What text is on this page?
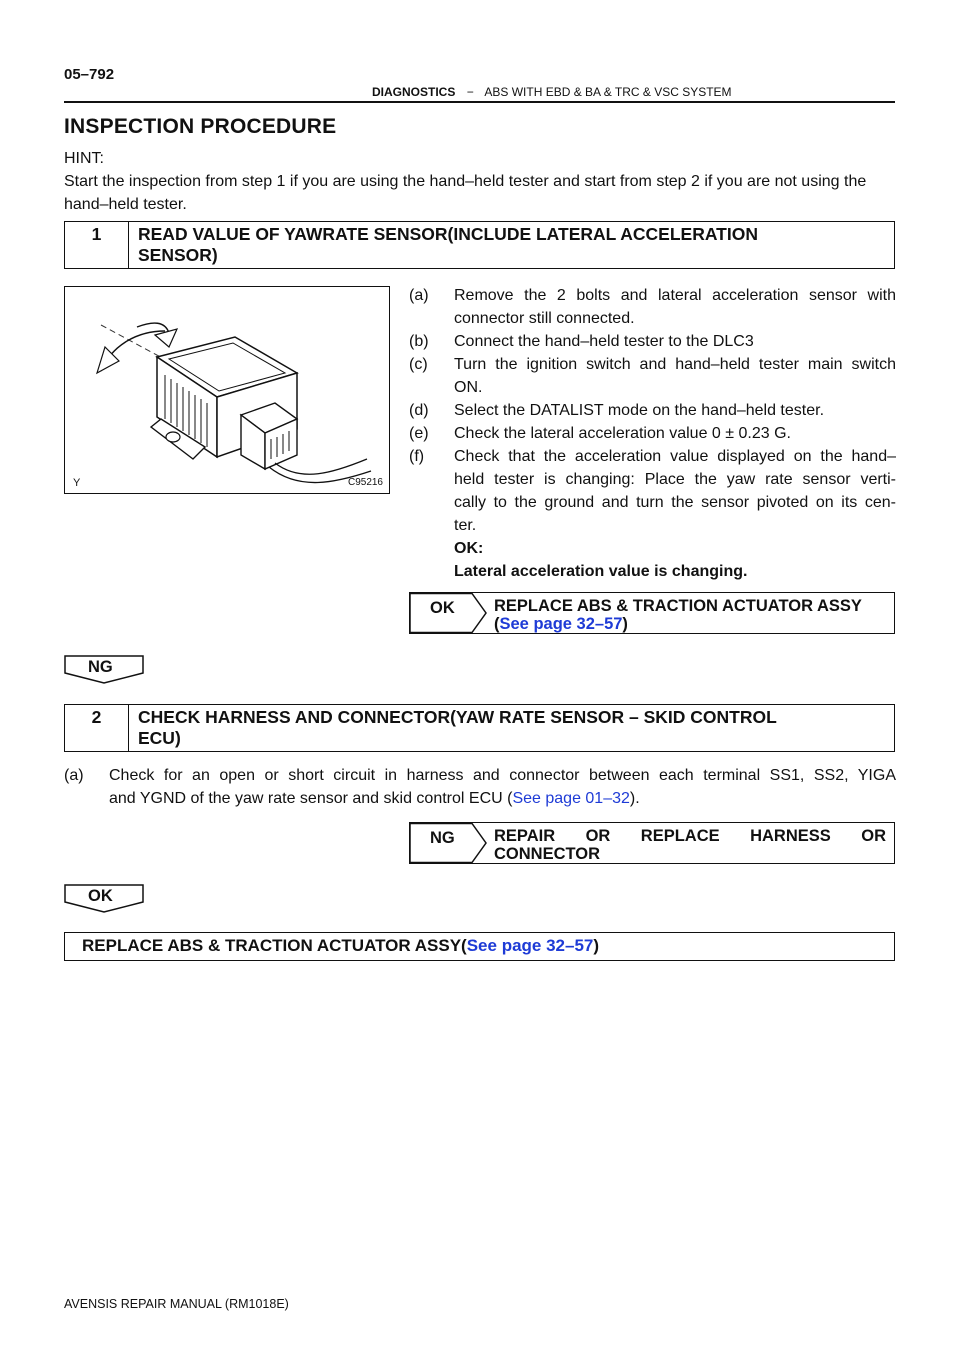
05–792
DIAGNOSTICS − ABS WITH EBD & BA & TRC & VSC SYSTEM
INSPECTION PROCEDURE
HINT:
Start the inspection from step 1 if you are using the hand–held tester and start from step 2 if you are not using the hand–held tester.
1	READ VALUE OF YAWRATE SENSOR(INCLUDE LATERAL ACCELERATION
SENSOR)
Y	C95216
(a) Remove the 2 bolts and lateral acceleration sensor with
connector still connected.
(b) Connect the hand–held tester to the DLC3
(c) Turn the ignition switch and hand–held tester main switch
ON.
(d) Select the DATALIST mode on the hand–held tester.
(e) Check the lateral acceleration value 0 ± 0.23 G.
(f) Check that the acceleration value displayed on the hand–
held tester is changing: Place the yaw rate sensor verti-
cally to the ground and turn the sensor pivoted on its cen-
ter.
OK:
Lateral acceleration value is changing.
OK	REPLACE ABS & TRACTION ACTUATOR ASSY
(See page 32–57)
NG
2	CHECK HARNESS AND CONNECTOR(YAW RATE SENSOR – SKID CONTROL
ECU)
(a) Check for an open or short circuit in harness and connector between each terminal SS1, SS2, YIGA
and YGND of the yaw rate sensor and skid control ECU (See page 01–32).
NG	REPAIR OR REPLACE HARNESS OR
CONNECTOR
OK
REPLACE ABS & TRACTION ACTUATOR ASSY(See page 32–57)
AVENSIS REPAIR MANUAL (RM1018E)
